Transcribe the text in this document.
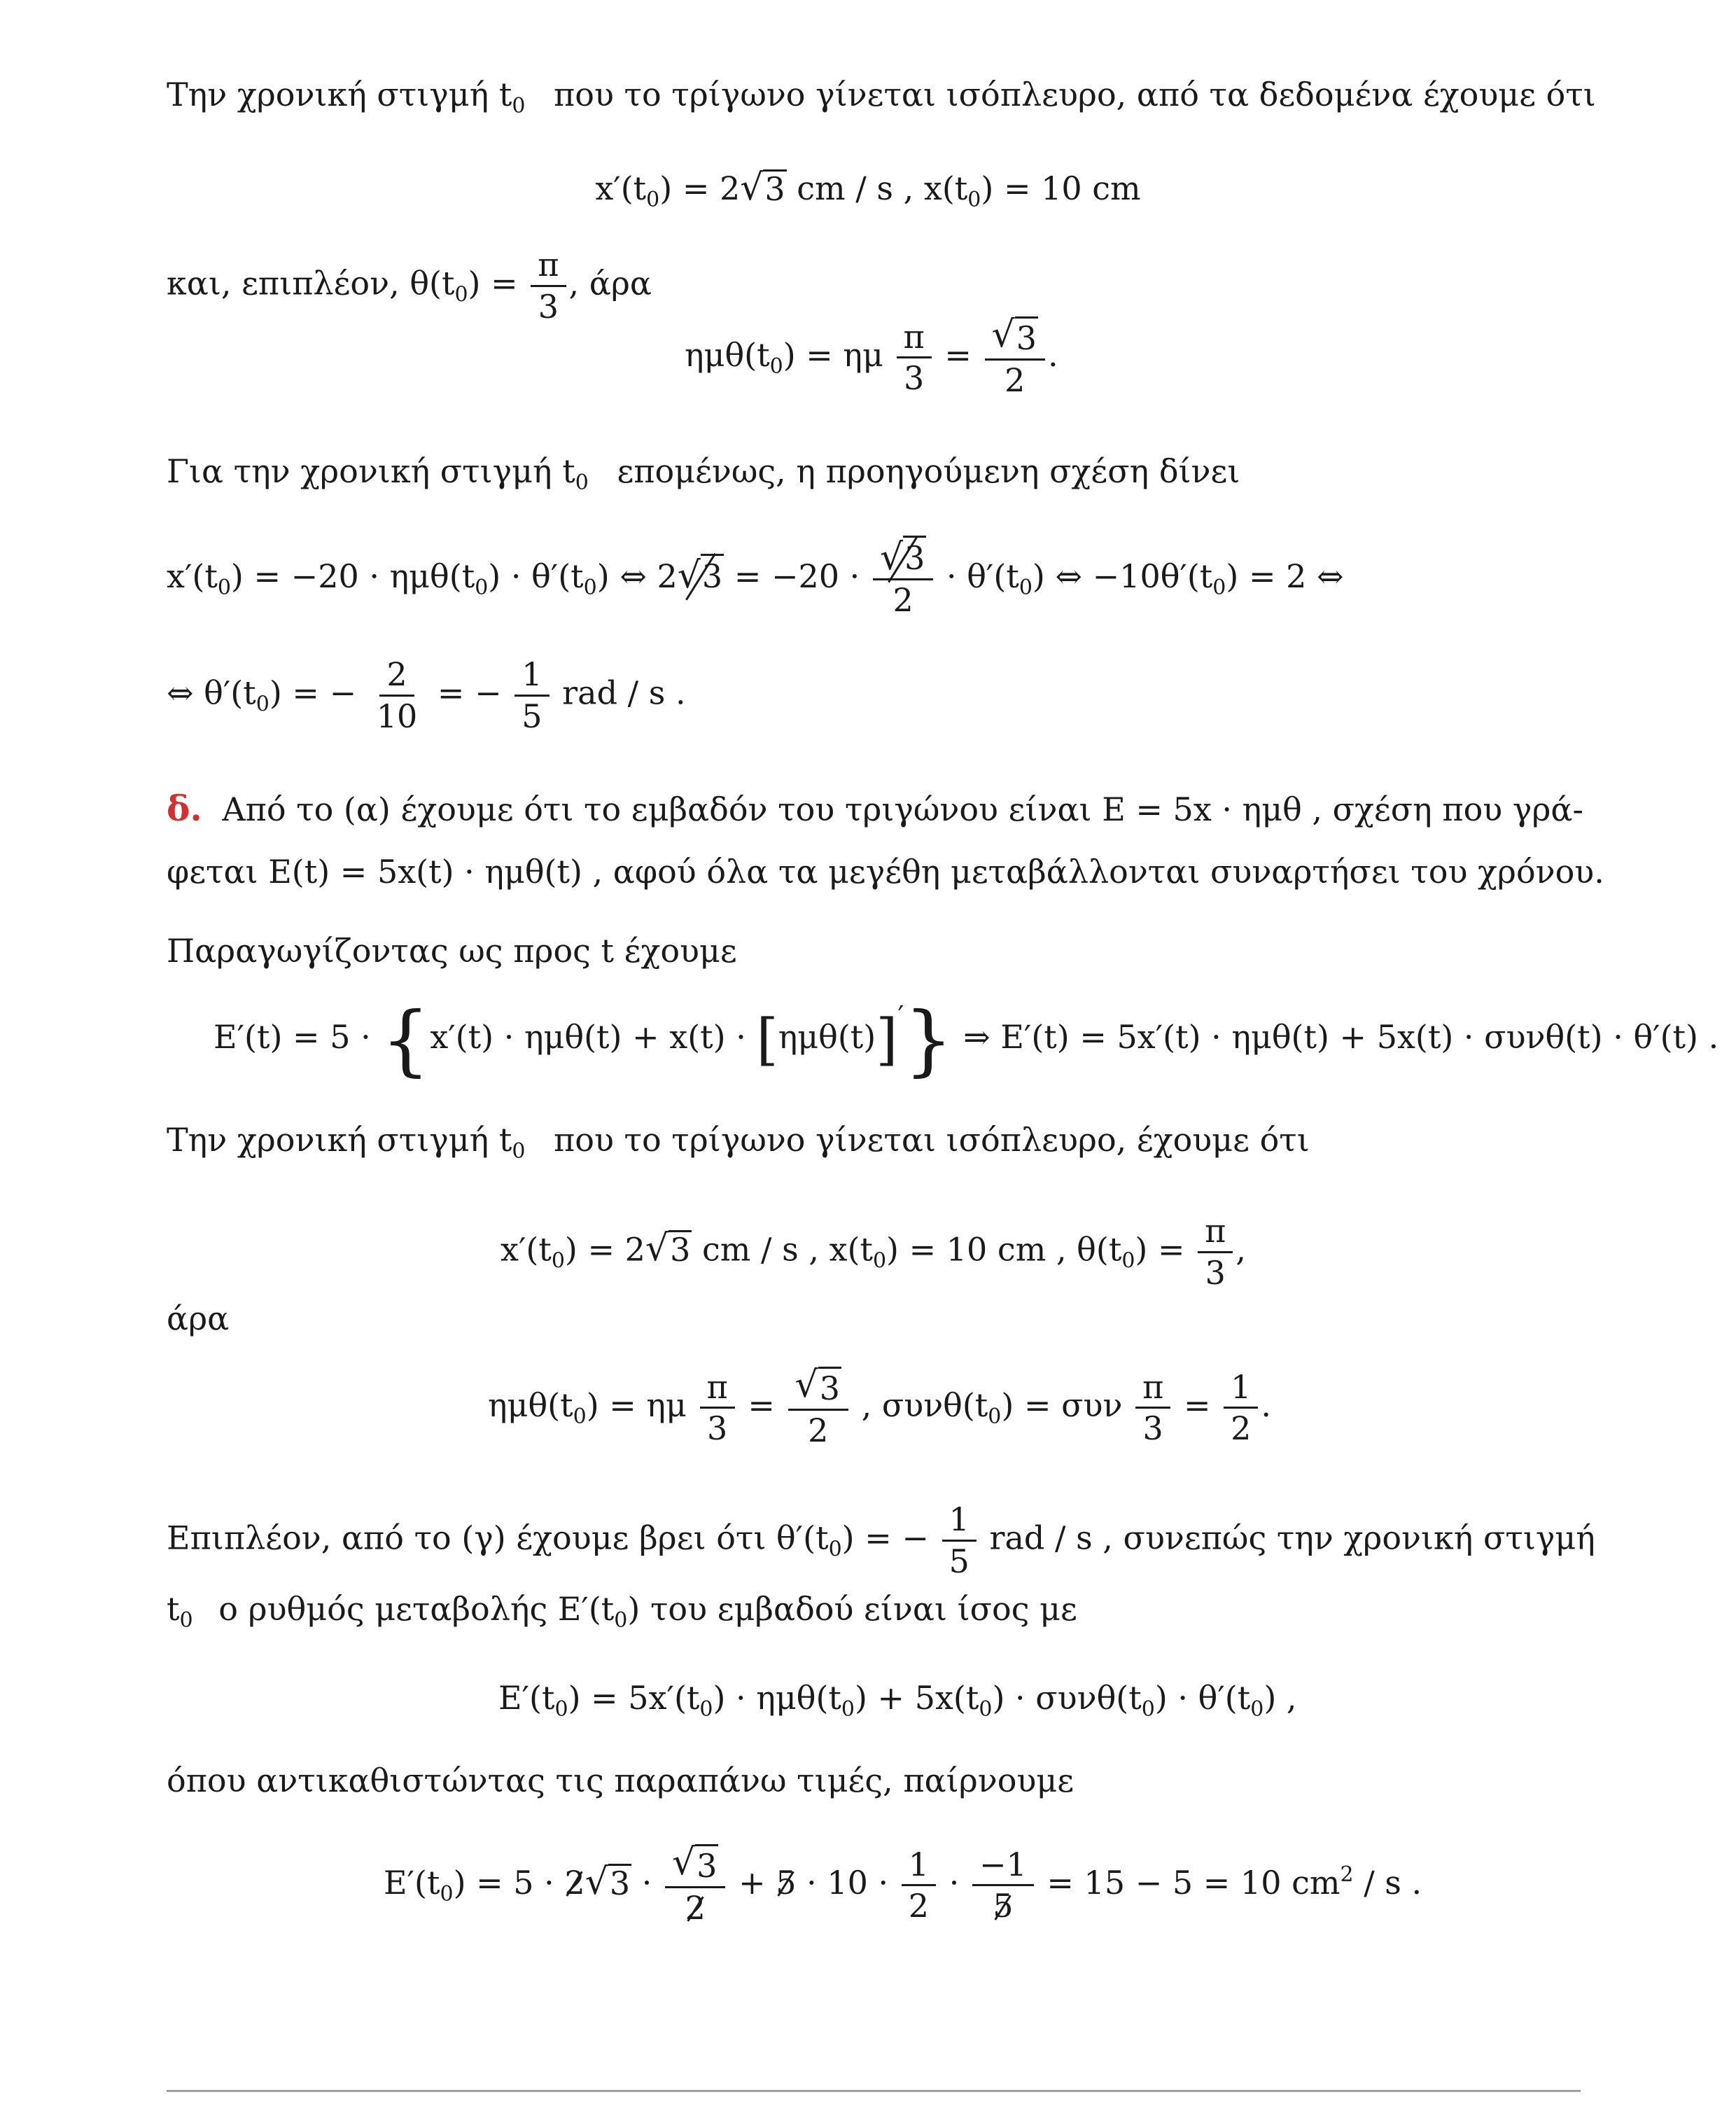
Την χρονική στιγμή $t_0$ που το τρίγωνο γίνεται ισόπλευρο, από τα δεδομένα έχουμε ότι
$x'(t_0) = 2$ √ 3 cm / s , $x(t_0) = 10$ cm
και, επιπλέον, $\theta(t_0) = \frac{\pi}{3}$ , άρα
$\eta\mu\theta(t_0) = \eta\mu \frac{\pi}{3} = \frac{√ 3}{2}$ .
Για την χρονική στιγμή $t_0$ επομένως, η προηγούμενη σχέση δίνει
$x'(t_0) = -20 \cdot \eta\mu\theta(t_0) \cdot \theta'(t_0)$ ⇔ $2√3 = -20 \cdot \frac{√3}{2} \cdot \theta'(t_0)$ ⇔ $-10\theta'(t_0) = 2$ ⇔
⇔ $\theta'(t_0)$ = − $\frac{2}{10}$ = − $\frac{1}{5}$ rad / s .
δ. Από το (α) έχουμε ότι το εμβαδόν του τριγώνου είναι Ε = 5x · ημθ , σχέση που γρά-
φεται Ε(t) = 5x(t) · ημθ(t) , αφού όλα τα μεγέθη μεταβάλλονται συναρτήσει του χρόνου.
Παραγωγίζοντας ως προς t έχουμε
Ε′(t) = 5 · {x′(t) · ημθ(t) + x(t) · [ημθ(t)]′} ⇒ Ε′(t) = 5x′(t) · ημθ(t) + 5x(t) · συνθ(t) · θ′(t) .
Την χρονική στιγμή $t_0$ που το τρίγωνο γίνεται ισόπλευρο, έχουμε ότι
$x'(t_0) = 2$ √ 3 cm / s , $x(t_0) = 10$ cm , $\theta(t_0) = \frac{\pi}{3}$ ,
άρα
$\eta\mu\theta(t_0) = \eta\mu \frac{\pi}{3} = \frac{√ 3}{2}$ , $\sigma\upsilon\nu\theta(t_0) = \sigma\upsilon\nu \frac{\pi}{3} = \frac{1}{2}$ .
Επιπλέον, από το (γ) έχουμε βρει ότι $\theta'(t_0)$ = − $\frac{1}{5}$ rad / s , συνεπώς την χρονική στιγμή
$t_0$ ο ρυθμός μεταβολής $E'(t_0)$ του εμβαδού είναι ίσος με
$E'(t_0) = 5x'(t_0) \cdot \eta\mu\theta(t_0) + 5x(t_0) \cdot \sigma\upsilon\nu\theta(t_0) \cdot \theta'(t_0)$ ,
όπου αντικαθιστώντας τις παραπάνω τιμές, παίρνουμε
$E'(t_0) = 5 \cdot 2$ √ $3 \cdot \frac{√ 3}{2} + 5 \cdot 10 \cdot \frac{1}{2} \cdot \frac{-1}{5} = 15 - 5 = 10$ $cm^2$ / s .
